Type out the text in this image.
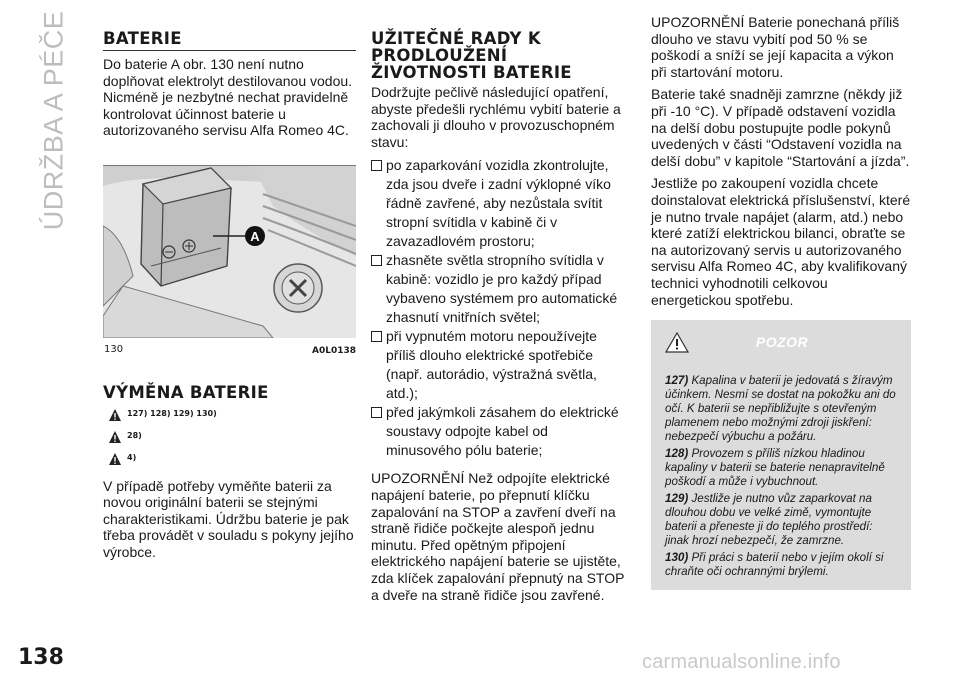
ÚDRŽBA A PÉČE BATERIE

Do baterie A obr. 130 není nutno doplňovat elektrolyt destilovanou vodou. Nicméně je nezbytné nechat pravidelně kontrolovat účinnost baterie u autorizovaného servisu Alfa Romeo 4C.

A
130	A0L0138
VÝMĚNA BATERIE
127) 128) 129) 130)
28)
4)

V případě potřeby vyměňte baterii za novou originální baterii se stejnými charakteristikami. Údržbu baterie je pak třeba provádět v souladu s pokyny jejího výrobce.

UŽITEČNÉ RADY K PRODLOUŽENÍ ŽIVOTNOSTI BATERIE

Dodržujte pečlivě následující opatření, abyste předešli rychlému vybití baterie a zachovali ji dlouho v provozuschopném stavu:

po zaparkování vozidla zkontrolujte, zda jsou dveře i zadní výklopné víko řádně zavřené, aby nezůstala svítit stropní svítidla v kabině či v zavazadlovém prostoru;
zhasněte světla stropního svítidla v kabině: vozidlo je pro každý případ vybaveno systémem pro automatické zhasnutí vnitřních světel;
při vypnutém motoru nepoužívejte příliš dlouho elektrické spotřebiče (např. autorádio, výstražná světla, atd.);
před jakýmkoli zásahem do elektrické soustavy odpojte kabel od minusového pólu baterie;

UPOZORNĚNÍ Než odpojíte elektrické napájení baterie, po přepnutí klíčku zapalování na STOP a zavření dveří na straně řidiče počkejte alespoň jednu minutu. Před opětným připojení elektrického napájení baterie se ujistěte, zda klíček zapalování přepnutý na STOP a dveře na straně řidiče jsou zavřené.

UPOZORNĚNÍ Baterie ponechaná příliš dlouho ve stavu vybití pod 50 % se poškodí a sníží se její kapacita a výkon při startování motoru.

Baterie také snadněji zamrzne (někdy již při -10 °C). V případě odstavení vozidla na delší dobu postupujte podle pokynů uvedených v části “Odstavení vozidla na delší dobu” v kapitole “Startování a jízda”.

Jestliže po zakoupení vozidla chcete doinstalovat elektrická příslušenství, které je nutno trvale napájet (alarm, atd.) nebo které zatíží elektrickou bilanci, obraťte se na autorizovaný servis u autorizovaného servisu Alfa Romeo 4C, aby kvalifikovaný technici vyhodnotili celkovou energetickou spotřebu.

POZOR

127) Kapalina v baterii je jedovatá s žíravým účinkem. Nesmí se dostat na pokožku ani do očí. K baterii se nepřibližujte s otevřeným plamenem nebo možnými zdroji jiskření: nebezpečí výbuchu a požáru.

128) Provozem s příliš nízkou hladinou kapaliny v baterii se baterie nenapravitelně poškodí a může i vybuchnout.

129) Jestliže je nutno vůz zaparkovat na dlouhou dobu ve velké zimě, vymontujte baterii a přeneste ji do teplého prostředí: jinak hrozí nebezpečí, že zamrzne.

130) Při práci s baterií nebo v jejím okolí si chraňte oči ochrannými brýlemi.

138	carmanualsonline.info
